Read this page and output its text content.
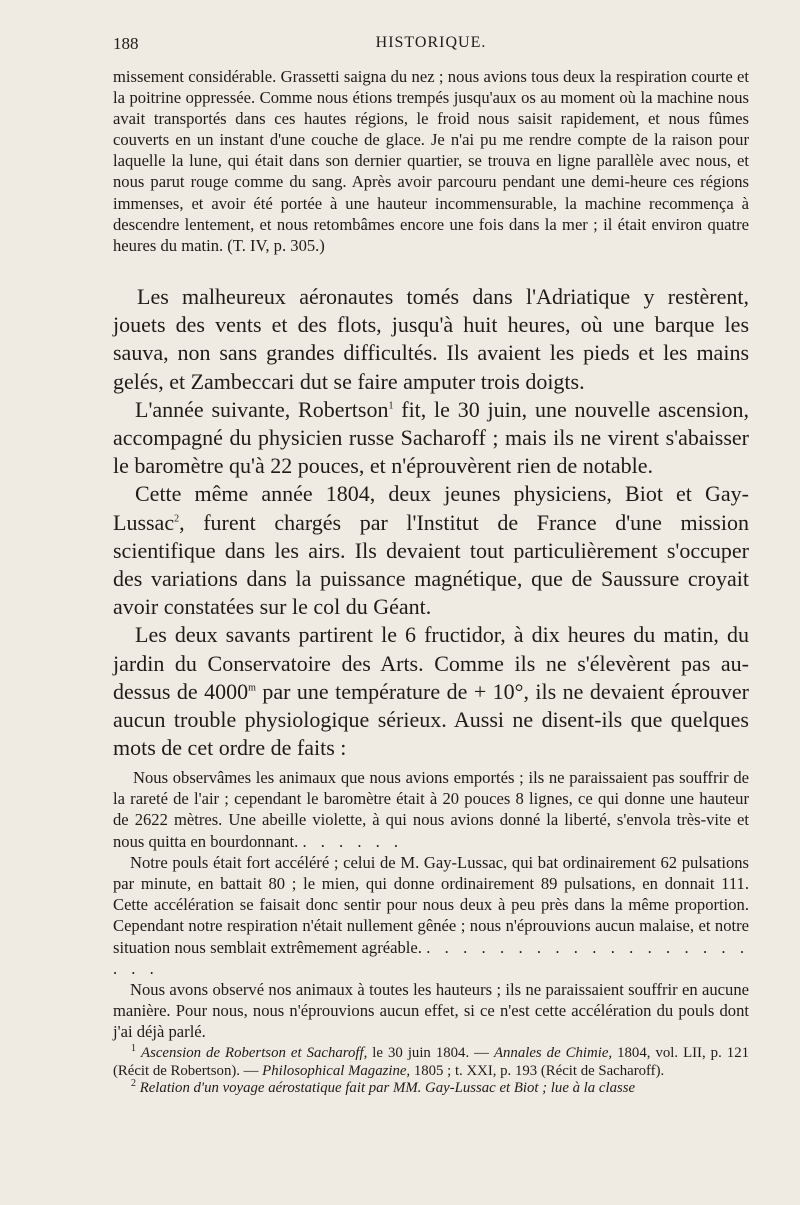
188	HISTORIQUE.

missement considérable. Grassetti saigna du nez ; nous avions tous deux la respiration courte et la poitrine oppressée. Comme nous étions trempés jusqu'aux os au moment où la machine nous avait transportés dans ces hautes régions, le froid nous saisit rapidement, et nous fûmes couverts en un instant d'une couche de glace. Je n'ai pu me rendre compte de la raison pour laquelle la lune, qui était dans son dernier quartier, se trouva en ligne parallèle avec nous, et nous parut rouge comme du sang. Après avoir parcouru pendant une demi-heure ces régions immenses, et avoir été portée à une hauteur incommensurable, la machine recommença à descendre lentement, et nous retombâmes encore une fois dans la mer ; il était environ quatre heures du matin. (T. IV, p. 305.)

Les malheureux aéronautes tomés dans l'Adriatique y restèrent, jouets des vents et des flots, jusqu'à huit heures, où une barque les sauva, non sans grandes difficultés. Ils avaient les pieds et les mains gelés, et Zambeccari dut se faire amputer trois doigts.

L'année suivante, Robertson$^1$ fit, le 30 juin, une nouvelle ascension, accompagné du physicien russe Sacharoff ; mais ils ne virent s'abaisser le baromètre qu'à 22 pouces, et n'éprouvèrent rien de notable.

Cette même année 1804, deux jeunes physiciens, Biot et Gay-Lussac$^2$, furent chargés par l'Institut de France d'une mission scientifique dans les airs. Ils devaient tout particulièrement s'occuper des variations dans la puissance magnétique, que de Saussure croyait avoir constatées sur le col du Géant.

Les deux savants partirent le 6 fructidor, à dix heures du matin, du jardin du Conservatoire des Arts. Comme ils ne s'élevèrent pas au-dessus de 4000$^m$ par une température de + 10°, ils ne devaient éprouver aucun trouble physiologique sérieux. Aussi ne disent-ils que quelques mots de cet ordre de faits :

Nous observâmes les animaux que nous avions emportés ; ils ne paraissaient pas souffrir de la rareté de l'air ; cependant le baromètre était à 20 pouces 8 lignes, ce qui donne une hauteur de 2622 mètres. Une abeille violette, à qui nous avions donné la liberté, s'envola très-vite et nous quitta en bourdonnant. . . . . . .

Notre pouls était fort accéléré ; celui de M. Gay-Lussac, qui bat ordinairement 62 pulsations par minute, en battait 80 ; le mien, qui donne ordinairement 89 pulsations, en donnait 111. Cette accélération se faisait donc sentir pour nous deux à peu près dans la même proportion. Cependant notre respiration n'était nullement gênée ; nous n'éprouvions aucun malaise, et notre situation nous semblait extrêmement agréable. . . . . . . . . . . . . . . . . . . . . .

Nous avons observé nos animaux à toutes les hauteurs ; ils ne paraissaient souffrir en aucune manière. Pour nous, nous n'éprouvions aucun effet, si ce n'est cette accélération du pouls dont j'ai déjà parlé.

$^1$ Ascension de Robertson et Sacharoff, le 30 juin 1804. — Annales de Chimie, 1804, vol. LII, p. 121 (Récit de Robertson). — Philosophical Magazine, 1805 ; t. XXI, p. 193 (Récit de Sacharoff).

$^2$ Relation d'un voyage aérostatique fait par MM. Gay-Lussac et Biot ; lue à la classe
